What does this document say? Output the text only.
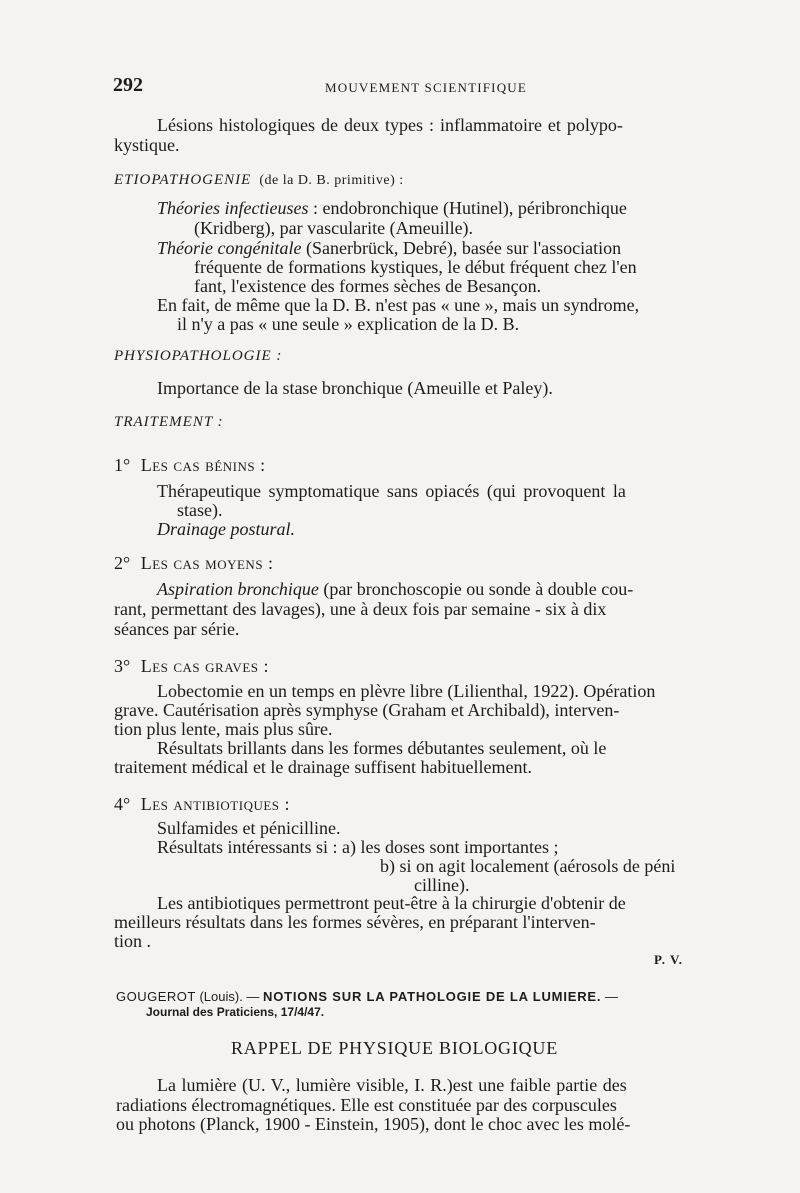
292	MOUVEMENT SCIENTIFIQUE
Lésions histologiques de deux types : inflammatoire et polypo-
kystique.
ETIOPATHOGENIE (de la D. B. primitive) :
Théories infectieuses : endobronchique (Hutinel), péribronchique
(Kridberg), par vascularite (Ameuille).
Théorie congénitale (Sanerbrück, Debré), basée sur l'association
fréquente de formations kystiques, le début fréquent chez l'en
fant, l'existence des formes sèches de Besançon.
En fait, de même que la D. B. n'est pas « une », mais un syndrome,
il n'y a pas « une seule » explication de la D. B.
PHYSIOPATHOLOGIE :
Importance de la stase bronchique (Ameuille et Paley).
TRAITEMENT :
1° Les cas bénins :
Thérapeutique symptomatique sans opiacés (qui provoquent la
stase).
Drainage postural.
2° Les cas moyens :
Aspiration bronchique (par bronchoscopie ou sonde à double cou-
rant, permettant des lavages), une à deux fois par semaine - six à dix
séances par série.
3° Les cas graves :
Lobectomie en un temps en plèvre libre (Lilienthal, 1922). Opération
grave. Cautérisation après symphyse (Graham et Archibald), interven-
tion plus lente, mais plus sûre.
Résultats brillants dans les formes débutantes seulement, où le
traitement médical et le drainage suffisent habituellement.
4° Les antibiotiques :
Sulfamides et pénicilline.
Résultats intéressants si : a) les doses sont importantes ;
b) si on agit localement (aérosols de péni
cilline).
Les antibiotiques permettront peut-être à la chirurgie d'obtenir de
meilleurs résultats dans les formes sévères, en préparant l'interven-
tion .
P. V.
GOUGEROT (Louis). — NOTIONS SUR LA PATHOLOGIE DE LA LUMIERE. —
Journal des Praticiens, 17/4/47.
RAPPEL DE PHYSIQUE BIOLOGIQUE
La lumière (U. V., lumière visible, I. R.)est une faible partie des
radiations électromagnétiques. Elle est constituée par des corpuscules
ou photons (Planck, 1900 - Einstein, 1905), dont le choc avec les molé-
